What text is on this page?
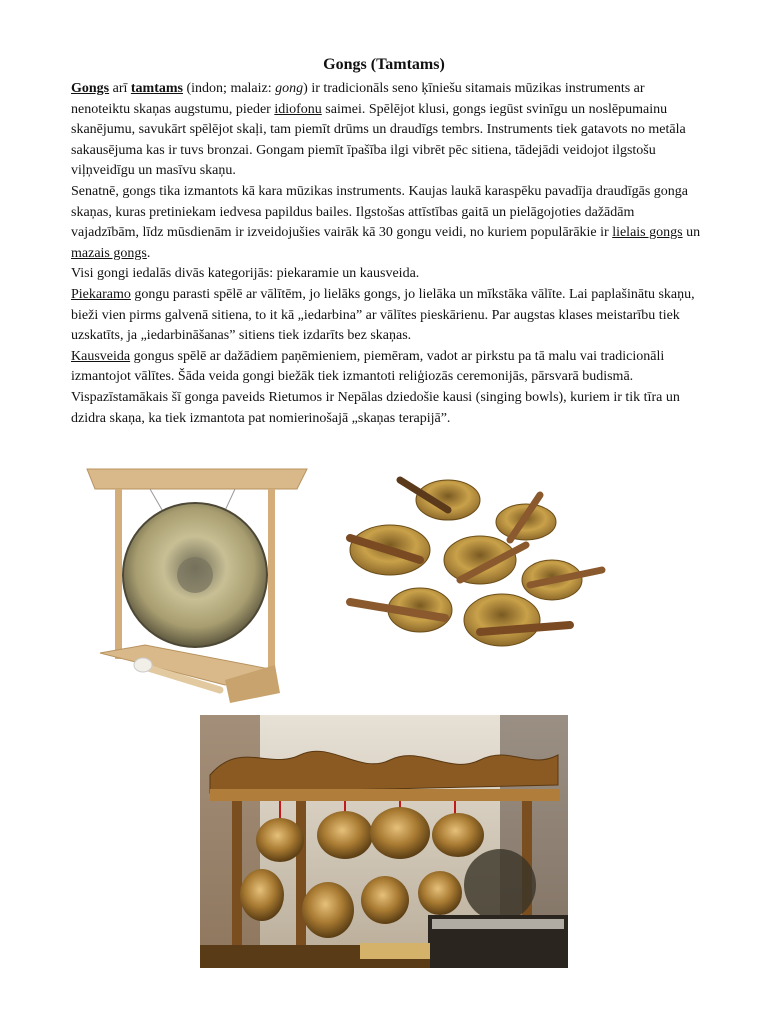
Gongs (Tamtams)

Gongs arī tamtams (indon; malaiz: gong) ir tradicionāls seno ķīniešu sitamais mūzikas instruments ar nenoteiktu skaņas augstumu, pieder idiofonu saimei. Spēlējot klusi, gongs iegūst svinīgu un noslēpumainu skanējumu, savukārt spēlējot skaļi, tam piemīt drūms un draudīgs tembrs. Instruments tiek gatavots no metāla sakausējuma kas ir tuvs bronzai. Gongam piemīt īpašība ilgi vibrēt pēc sitiena, tādejādi veidojot ilgstošu viļņveidīgu un masīvu skaņu.

Senatnē, gongs tika izmantots kā kara mūzikas instruments. Kaujas laukā karaspēku pavadīja draudīgās gonga skaņas, kuras pretiniekam iedvesa papildus bailes. Ilgstošas attīstības gaitā un pielāgojoties dažādām vajadzībām, līdz mūsdienām ir izveidojušies vairāk kā 30 gongu veidi, no kuriem populārākie ir lielais gongs un mazais gongs.

Visi gongi iedalās divās kategorijās: piekaramie un kausveida.

Piekaramo gongu parasti spēlē ar vālītēm, jo lielāks gongs, jo lielāka un mīkstāka vālīte. Lai paplašinātu skaņu, bieži vien pirms galvenā sitiena, to it kā „iedarbina” ar vālītes pieskārienu. Par augstas klases meistarību tiek uzskatīts, ja „iedarbināšanas” sitiens tiek izdarīts bez skaņas.

Kausveida gongus spēlē ar dažādiem paņēmieniem, piemēram, vadot ar pirkstu pa tā malu vai tradicionāli izmantojot vālītes. Šāda veida gongi biežāk tiek izmantoti reliģiozās ceremonijās, pārsvarā budismā. Vispazīstamākais šī gonga paveids Rietumos ir Nepālas dziedošie kausi (singing bowls), kuriem ir tik tīra un dzidra skaņa, ka tiek izmantota pat nomierinošajā „skaņas terapijā”.
